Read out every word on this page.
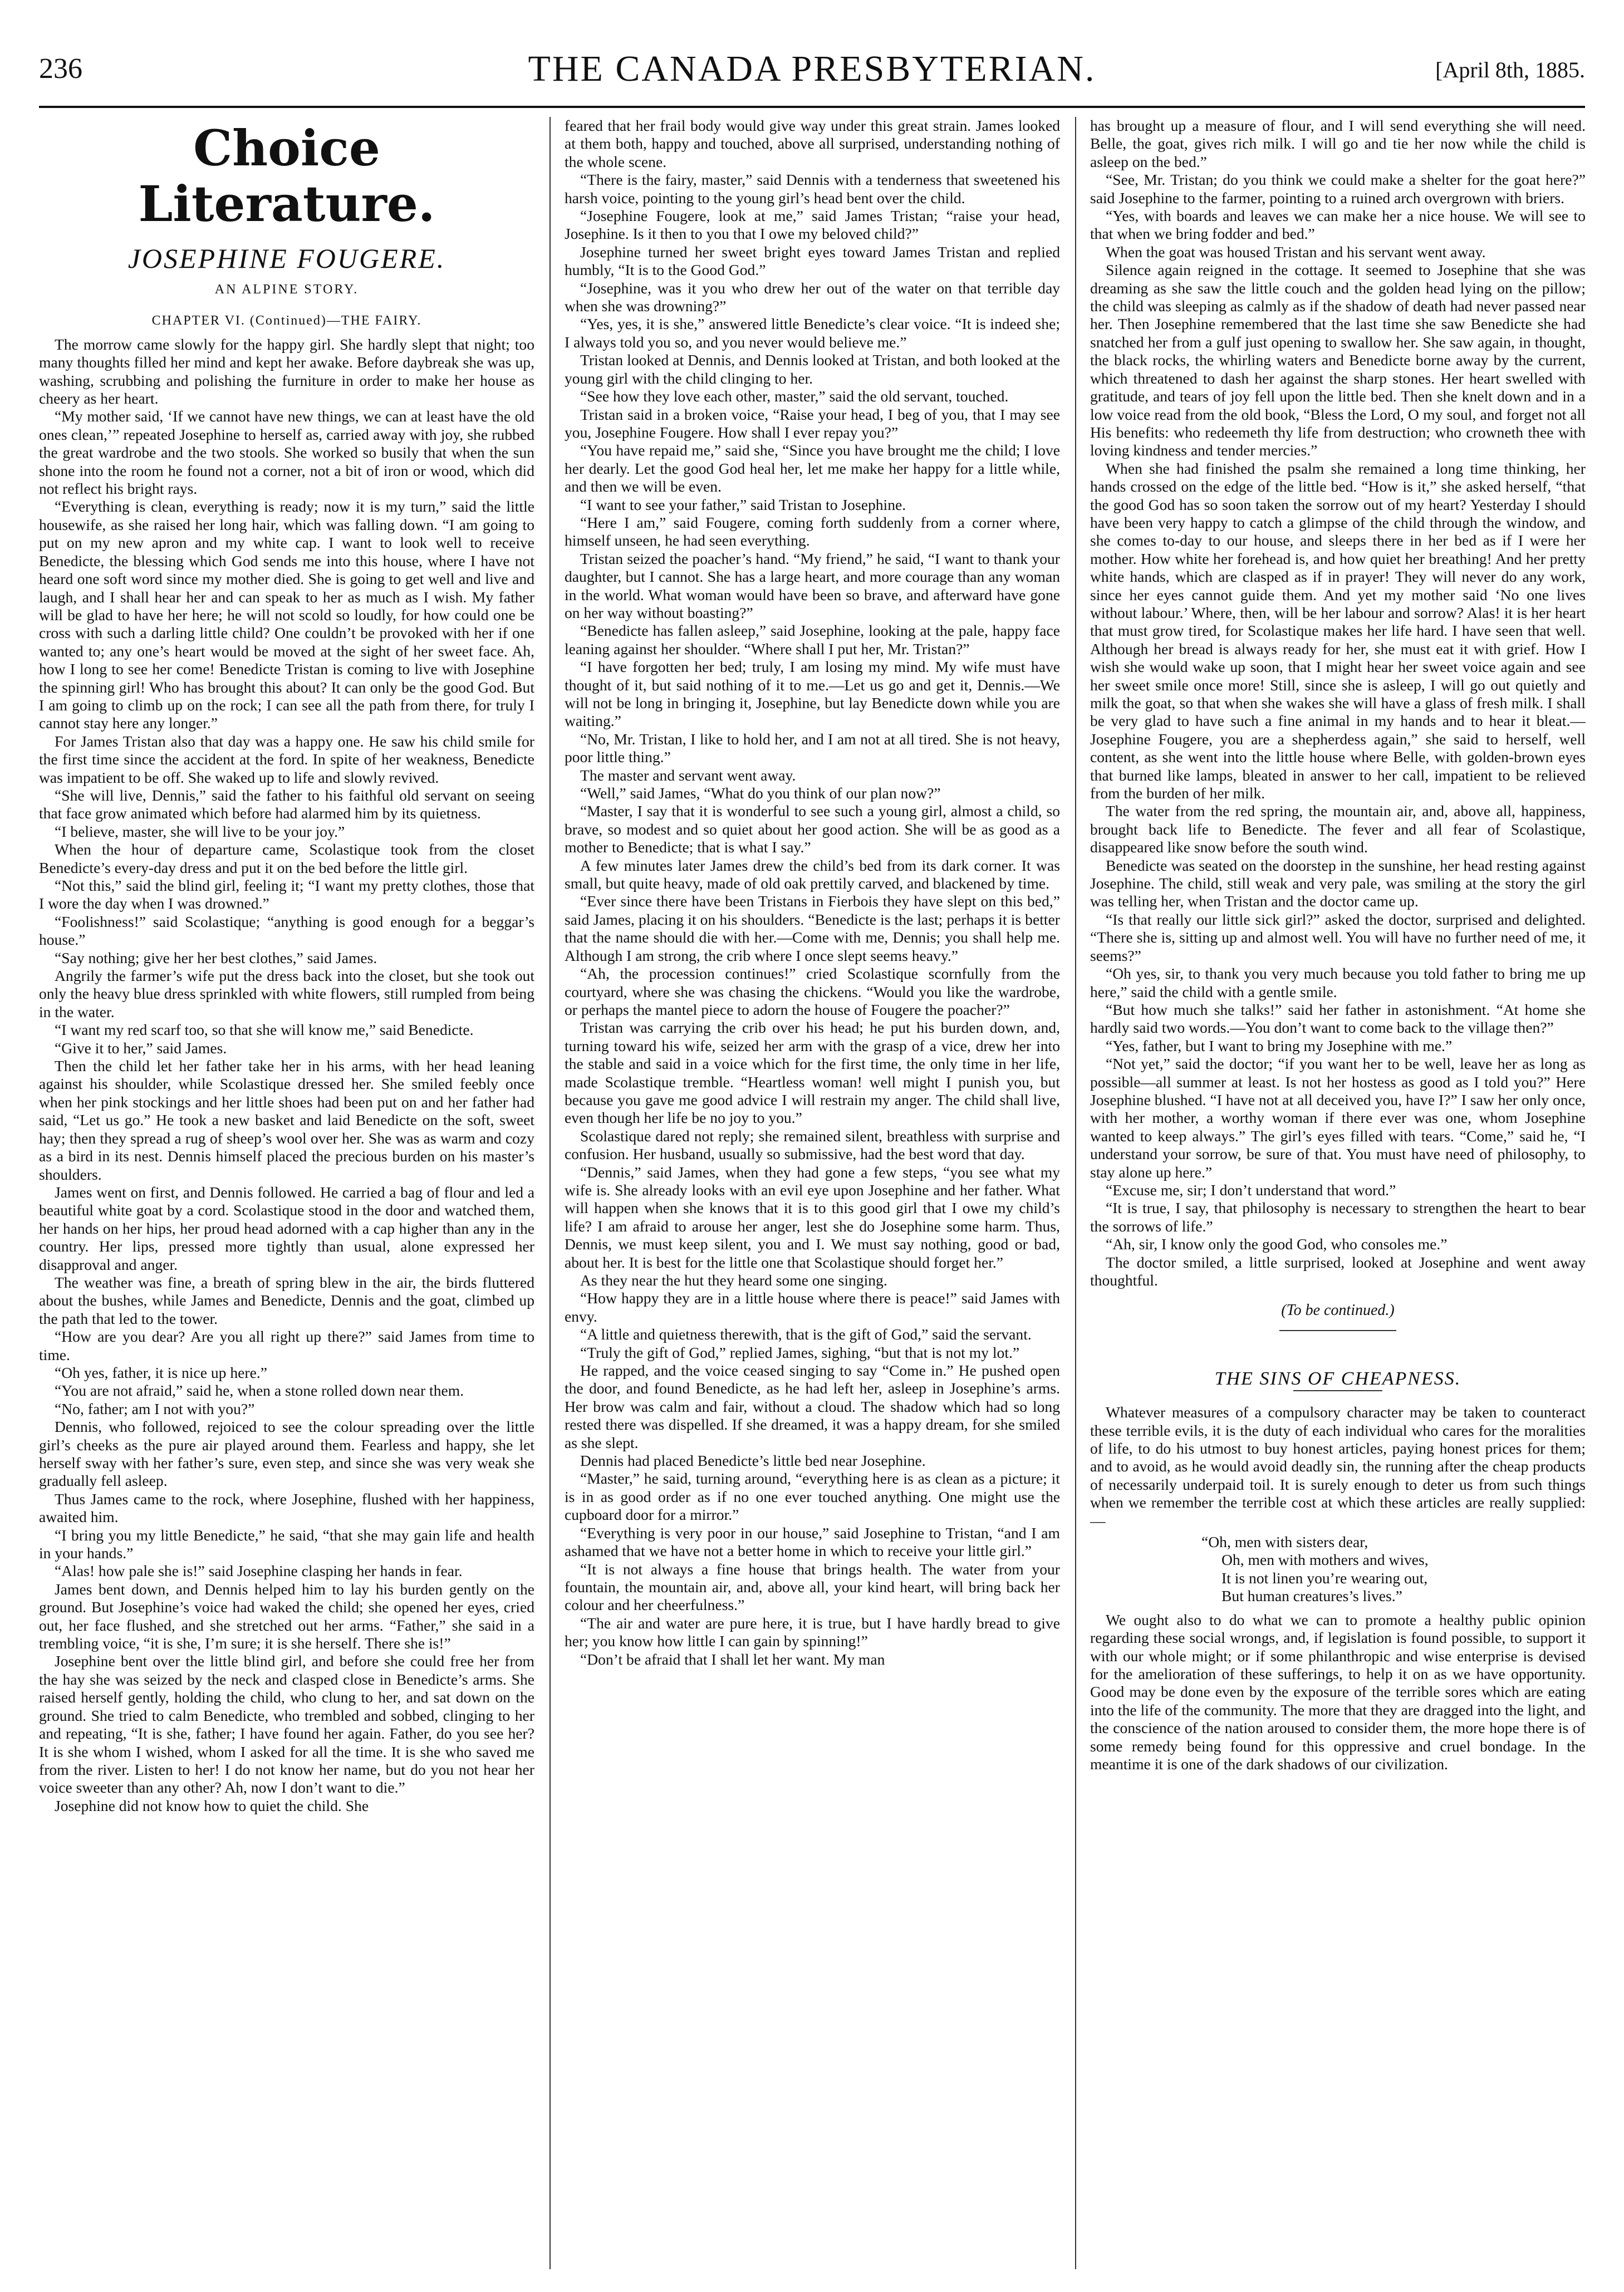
236	THE CANADA PRESBYTERIAN.	[April 8th, 1885.
Choice Literature.
JOSEPHINE FOUGERE.
AN ALPINE STORY.
CHAPTER VI. (Continued)—THE FAIRY.

The morrow came slowly for the happy girl. She hardly slept that night; too many thoughts filled her mind and kept her awake. Before daybreak she was up, washing, scrubbing and polishing the furniture in order to make her house as cheery as her heart.

“My mother said, ‘If we cannot have new things, we can at least have the old ones clean,’” repeated Josephine to herself as, carried away with joy, she rubbed the great wardrobe and the two stools. She worked so busily that when the sun shone into the room he found not a corner, not a bit of iron or wood, which did not reflect his bright rays.

“Everything is clean, everything is ready; now it is my turn,” said the little housewife, as she raised her long hair, which was falling down. “I am going to put on my new apron and my white cap. I want to look well to receive Benedicte, the blessing which God sends me into this house, where I have not heard one soft word since my mother died. She is going to get well and live and laugh, and I shall hear her and can speak to her as much as I wish. My father will be glad to have her here; he will not scold so loudly, for how could one be cross with such a darling little child? One couldn’t be provoked with her if one wanted to; any one’s heart would be moved at the sight of her sweet face. Ah, how I long to see her come! Benedicte Tristan is coming to live with Josephine the spinning girl! Who has brought this about? It can only be the good God. But I am going to climb up on the rock; I can see all the path from there, for truly I cannot stay here any longer.”

For James Tristan also that day was a happy one. He saw his child smile for the first time since the accident at the ford. In spite of her weakness, Benedicte was impatient to be off. She waked up to life and slowly revived.

“She will live, Dennis,” said the father to his faithful old servant on seeing that face grow animated which before had alarmed him by its quietness.

“I believe, master, she will live to be your joy.”

When the hour of departure came, Scolastique took from the closet Benedicte’s every-day dress and put it on the bed before the little girl.

“Not this,” said the blind girl, feeling it; “I want my pretty clothes, those that I wore the day when I was drowned.”

“Foolishness!” said Scolastique; “anything is good enough for a beggar’s house.”

“Say nothing; give her her best clothes,” said James.

Angrily the farmer’s wife put the dress back into the closet, but she took out only the heavy blue dress sprinkled with white flowers, still rumpled from being in the water.

“I want my red scarf too, so that she will know me,” said Benedicte.

“Give it to her,” said James.

Then the child let her father take her in his arms, with her head leaning against his shoulder, while Scolastique dressed her. She smiled feebly once when her pink stockings and her little shoes had been put on and her father had said, “Let us go.” He took a new basket and laid Benedicte on the soft, sweet hay; then they spread a rug of sheep’s wool over her. She was as warm and cozy as a bird in its nest. Dennis himself placed the precious burden on his master’s shoulders.

James went on first, and Dennis followed. He carried a bag of flour and led a beautiful white goat by a cord. Scolastique stood in the door and watched them, her hands on her hips, her proud head adorned with a cap higher than any in the country. Her lips, pressed more tightly than usual, alone expressed her disapproval and anger.

The weather was fine, a breath of spring blew in the air, the birds fluttered about the bushes, while James and Benedicte, Dennis and the goat, climbed up the path that led to the tower.

“How are you dear? Are you all right up there?” said James from time to time.

“Oh yes, father, it is nice up here.”

“You are not afraid,” said he, when a stone rolled down near them.

“No, father; am I not with you?”

Dennis, who followed, rejoiced to see the colour spreading over the little girl’s cheeks as the pure air played around them. Fearless and happy, she let herself sway with her father’s sure, even step, and since she was very weak she gradually fell asleep.

Thus James came to the rock, where Josephine, flushed with her happiness, awaited him.

“I bring you my little Benedicte,” he said, “that she may gain life and health in your hands.”

“Alas! how pale she is!” said Josephine clasping her hands in fear.

James bent down, and Dennis helped him to lay his burden gently on the ground. But Josephine’s voice had waked the child; she opened her eyes, cried out, her face flushed, and she stretched out her arms. “Father,” she said in a trembling voice, “it is she, I’m sure; it is she herself. There she is!”

Josephine bent over the little blind girl, and before she could free her from the hay she was seized by the neck and clasped close in Benedicte’s arms. She raised herself gently, holding the child, who clung to her, and sat down on the ground. She tried to calm Benedicte, who trembled and sobbed, clinging to her and repeating, “It is she, father; I have found her again. Father, do you see her? It is she whom I wished, whom I asked for all the time. It is she who saved me from the river. Listen to her! I do not know her name, but do you not hear her voice sweeter than any other? Ah, now I don’t want to die.”

Josephine did not know how to quiet the child. She

feared that her frail body would give way under this great strain. James looked at them both, happy and touched, above all surprised, understanding nothing of the whole scene.

“There is the fairy, master,” said Dennis with a tenderness that sweetened his harsh voice, pointing to the young girl’s head bent over the child.

“Josephine Fougere, look at me,” said James Tristan; “raise your head, Josephine. Is it then to you that I owe my beloved child?”

Josephine turned her sweet bright eyes toward James Tristan and replied humbly, “It is to the Good God.”

“Josephine, was it you who drew her out of the water on that terrible day when she was drowning?”

“Yes, yes, it is she,” answered little Benedicte’s clear voice. “It is indeed she; I always told you so, and you never would believe me.”

Tristan looked at Dennis, and Dennis looked at Tristan, and both looked at the young girl with the child clinging to her.

“See how they love each other, master,” said the old servant, touched.

Tristan said in a broken voice, “Raise your head, I beg of you, that I may see you, Josephine Fougere. How shall I ever repay you?”

“You have repaid me,” said she, “Since you have brought me the child; I love her dearly. Let the good God heal her, let me make her happy for a little while, and then we will be even.

“I want to see your father,” said Tristan to Josephine.

“Here I am,” said Fougere, coming forth suddenly from a corner where, himself unseen, he had seen everything.

Tristan seized the poacher’s hand. “My friend,” he said, “I want to thank your daughter, but I cannot. She has a large heart, and more courage than any woman in the world. What woman would have been so brave, and afterward have gone on her way without boasting?”

“Benedicte has fallen asleep,” said Josephine, looking at the pale, happy face leaning against her shoulder. “Where shall I put her, Mr. Tristan?”

“I have forgotten her bed; truly, I am losing my mind. My wife must have thought of it, but said nothing of it to me.—Let us go and get it, Dennis.—We will not be long in bringing it, Josephine, but lay Benedicte down while you are waiting.”

“No, Mr. Tristan, I like to hold her, and I am not at all tired. She is not heavy, poor little thing.”

The master and servant went away.

“Well,” said James, “What do you think of our plan now?”

“Master, I say that it is wonderful to see such a young girl, almost a child, so brave, so modest and so quiet about her good action. She will be as good as a mother to Benedicte; that is what I say.”

A few minutes later James drew the child’s bed from its dark corner. It was small, but quite heavy, made of old oak prettily carved, and blackened by time.

“Ever since there have been Tristans in Fierbois they have slept on this bed,” said James, placing it on his shoulders. “Benedicte is the last; perhaps it is better that the name should die with her.—Come with me, Dennis; you shall help me. Although I am strong, the crib where I once slept seems heavy.”

“Ah, the procession continues!” cried Scolastique scornfully from the courtyard, where she was chasing the chickens. “Would you like the wardrobe, or perhaps the mantel piece to adorn the house of Fougere the poacher?”

Tristan was carrying the crib over his head; he put his burden down, and, turning toward his wife, seized her arm with the grasp of a vice, drew her into the stable and said in a voice which for the first time, the only time in her life, made Scolastique tremble. “Heartless woman! well might I punish you, but because you gave me good advice I will restrain my anger. The child shall live, even though her life be no joy to you.”

Scolastique dared not reply; she remained silent, breathless with surprise and confusion. Her husband, usually so submissive, had the best word that day.

“Dennis,” said James, when they had gone a few steps, “you see what my wife is. She already looks with an evil eye upon Josephine and her father. What will happen when she knows that it is to this good girl that I owe my child’s life? I am afraid to arouse her anger, lest she do Josephine some harm. Thus, Dennis, we must keep silent, you and I. We must say nothing, good or bad, about her. It is best for the little one that Scolastique should forget her.”

As they near the hut they heard some one singing.

“How happy they are in a little house where there is peace!” said James with envy.

“A little and quietness therewith, that is the gift of God,” said the servant.

“Truly the gift of God,” replied James, sighing, “but that is not my lot.”

He rapped, and the voice ceased singing to say “Come in.” He pushed open the door, and found Benedicte, as he had left her, asleep in Josephine’s arms. Her brow was calm and fair, without a cloud. The shadow which had so long rested there was dispelled. If she dreamed, it was a happy dream, for she smiled as she slept.

Dennis had placed Benedicte’s little bed near Josephine.

“Master,” he said, turning around, “everything here is as clean as a picture; it is in as good order as if no one ever touched anything. One might use the cupboard door for a mirror.”

“Everything is very poor in our house,” said Josephine to Tristan, “and I am ashamed that we have not a better home in which to receive your little girl.”

“It is not always a fine house that brings health. The water from your fountain, the mountain air, and, above all, your kind heart, will bring back her colour and her cheerfulness.”

“The air and water are pure here, it is true, but I have hardly bread to give her; you know how little I can gain by spinning!”

“Don’t be afraid that I shall let her want. My man

has brought up a measure of flour, and I will send everything she will need. Belle, the goat, gives rich milk. I will go and tie her now while the child is asleep on the bed.”

“See, Mr. Tristan; do you think we could make a shelter for the goat here?” said Josephine to the farmer, pointing to a ruined arch overgrown with briers.

“Yes, with boards and leaves we can make her a nice house. We will see to that when we bring fodder and bed.”

When the goat was housed Tristan and his servant went away.

Silence again reigned in the cottage. It seemed to Josephine that she was dreaming as she saw the little couch and the golden head lying on the pillow; the child was sleeping as calmly as if the shadow of death had never passed near her. Then Josephine remembered that the last time she saw Benedicte she had snatched her from a gulf just opening to swallow her. She saw again, in thought, the black rocks, the whirling waters and Benedicte borne away by the current, which threatened to dash her against the sharp stones. Her heart swelled with gratitude, and tears of joy fell upon the little bed. Then she knelt down and in a low voice read from the old book, “Bless the Lord, O my soul, and forget not all His benefits: who redeemeth thy life from destruction; who crowneth thee with loving kindness and tender mercies.”

When she had finished the psalm she remained a long time thinking, her hands crossed on the edge of the little bed. “How is it,” she asked herself, “that the good God has so soon taken the sorrow out of my heart? Yesterday I should have been very happy to catch a glimpse of the child through the window, and she comes to-day to our house, and sleeps there in her bed as if I were her mother. How white her forehead is, and how quiet her breathing! And her pretty white hands, which are clasped as if in prayer! They will never do any work, since her eyes cannot guide them. And yet my mother said ‘No one lives without labour.’ Where, then, will be her labour and sorrow? Alas! it is her heart that must grow tired, for Scolastique makes her life hard. I have seen that well. Although her bread is always ready for her, she must eat it with grief. How I wish she would wake up soon, that I might hear her sweet voice again and see her sweet smile once more! Still, since she is asleep, I will go out quietly and milk the goat, so that when she wakes she will have a glass of fresh milk. I shall be very glad to have such a fine animal in my hands and to hear it bleat.—Josephine Fougere, you are a shepherdess again,” she said to herself, well content, as she went into the little house where Belle, with golden-brown eyes that burned like lamps, bleated in answer to her call, impatient to be relieved from the burden of her milk.

The water from the red spring, the mountain air, and, above all, happiness, brought back life to Benedicte. The fever and all fear of Scolastique, disappeared like snow before the south wind.

Benedicte was seated on the doorstep in the sunshine, her head resting against Josephine. The child, still weak and very pale, was smiling at the story the girl was telling her, when Tristan and the doctor came up.

“Is that really our little sick girl?” asked the doctor, surprised and delighted. “There she is, sitting up and almost well. You will have no further need of me, it seems?”

“Oh yes, sir, to thank you very much because you told father to bring me up here,” said the child with a gentle smile.

“But how much she talks!” said her father in astonishment. “At home she hardly said two words.—You don’t want to come back to the village then?”

“Yes, father, but I want to bring my Josephine with me.”

“Not yet,” said the doctor; “if you want her to be well, leave her as long as possible—all summer at least. Is not her hostess as good as I told you?” Here Josephine blushed. “I have not at all deceived you, have I?” I saw her only once, with her mother, a worthy woman if there ever was one, whom Josephine wanted to keep always.” The girl’s eyes filled with tears. “Come,” said he, “I understand your sorrow, be sure of that. You must have need of philosophy, to stay alone up here.”

“Excuse me, sir; I don’t understand that word.”

“It is true, I say, that philosophy is necessary to strengthen the heart to bear the sorrows of life.”

“Ah, sir, I know only the good God, who consoles me.”

The doctor smiled, a little surprised, looked at Josephine and went away thoughtful.

(To be continued.)
THE SINS OF CHEAPNESS.

Whatever measures of a compulsory character may be taken to counteract these terrible evils, it is the duty of each individual who cares for the moralities of life, to do his utmost to buy honest articles, paying honest prices for them; and to avoid, as he would avoid deadly sin, the running after the cheap products of necessarily underpaid toil. It is surely enough to deter us from such things when we remember the terrible cost at which these articles are really supplied:—

“Oh, men with sisters dear,
Oh, men with mothers and wives,
It is not linen you’re wearing out,
But human creatures’s lives.”

We ought also to do what we can to promote a healthy public opinion regarding these social wrongs, and, if legislation is found possible, to support it with our whole might; or if some philanthropic and wise enterprise is devised for the amelioration of these sufferings, to help it on as we have opportunity. Good may be done even by the exposure of the terrible sores which are eating into the life of the community. The more that they are dragged into the light, and the conscience of the nation aroused to consider them, the more hope there is of some remedy being found for this oppressive and cruel bondage. In the meantime it is one of the dark shadows of our civilization.
